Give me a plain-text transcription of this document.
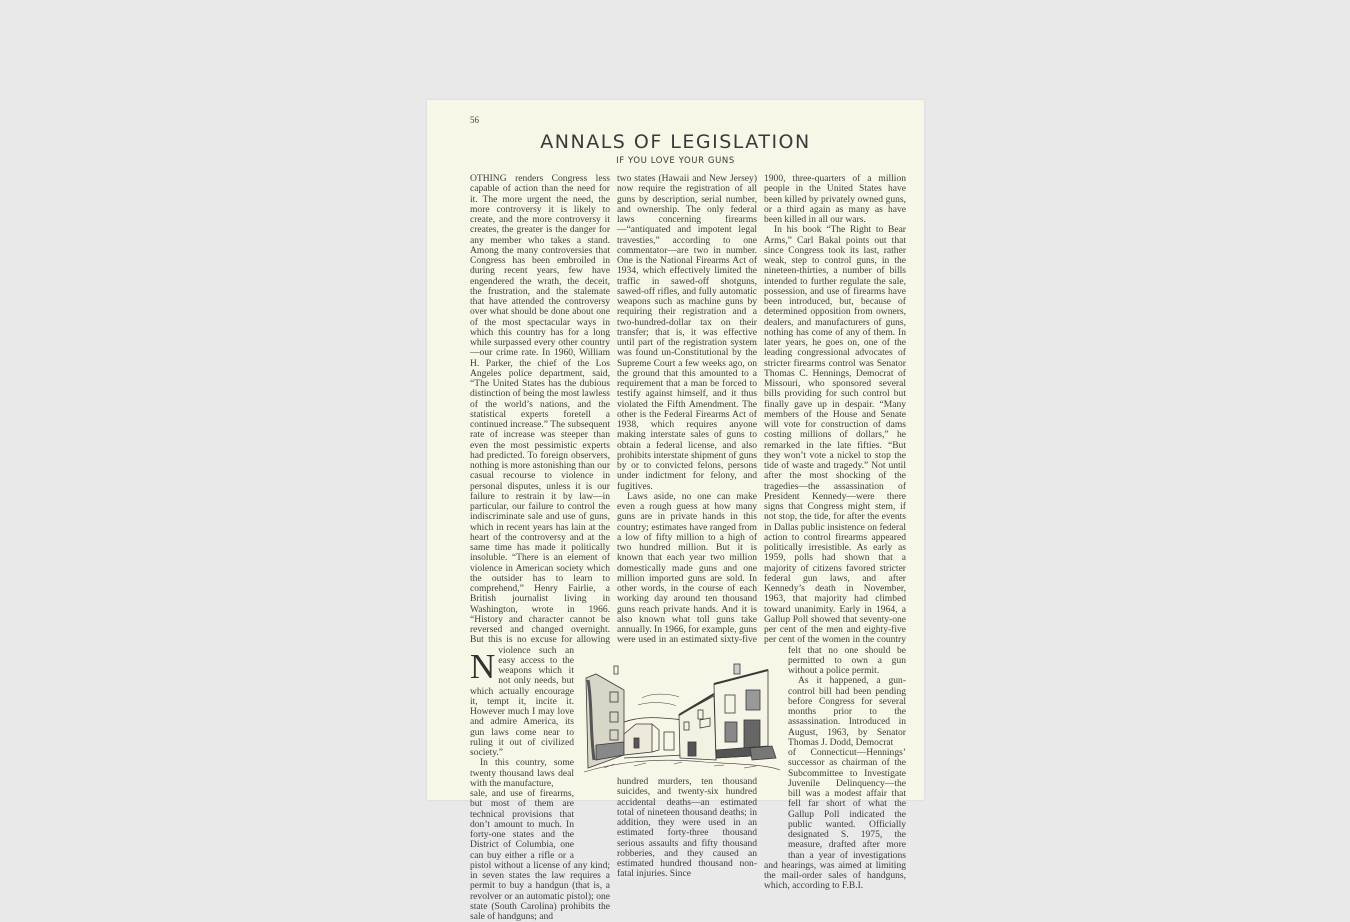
56
ANNALS OF LEGISLATION
IF YOU LOVE YOUR GUNS

N
OTHING renders Congress less capable of action than the need for it. The more urgent the need, the more controversy it is likely to create, and the more controversy it creates, the greater is the danger for any member who takes a stand. Among the many controversies that Congress has been embroiled in during recent years, few have engendered the wrath, the deceit, the frustration, and the stalemate that have attended the controversy over what should be done about one of the most spectacular ways in which this country has for a long while surpassed every other country—our crime rate. In 1960, William H. Parker, the chief of the Los Angeles police department, said, “The United States has the dubious distinction of being the most lawless of the world’s nations, and the statistical experts foretell a continued increase.” The subsequent rate of increase was steeper than even the most pessimistic experts had predicted. To foreign observers, nothing is more astonishing than our casual recourse to violence in personal disputes, unless it is our failure to restrain it by law—in particular, our failure to control the indiscriminate sale and use of guns, which in recent years has lain at the heart of the controversy and at the same time has made it politically insoluble. “There is an element of violence in American society which the outsider has to learn to comprehend,” Henry Fairlie, a British journalist living in Washington, wrote in 1966. “History and character cannot be reversed and changed overnight. But this is no excuse for allowing violence such an easy access to the weapons which it not only needs, but which actually encourage it, tempt it, incite it. However much I may love and admire America, its gun laws come near to ruling it out of civilized society.”

In this country, some twenty thousand laws deal with the manufacture,

sale, and use of firearms, but most of them are technical provisions that don’t amount to much. In forty-one states and the District of Columbia, one can buy either a rifle or a pistol without a license of any kind; in seven states the law requires a permit to buy a handgun (that is, a revolver or an automatic pistol); one state (South Carolina) prohibits the sale of handguns; and

two states (Hawaii and New Jersey) now require the registration of all guns by description, serial number, and ownership. The only federal laws concerning firearms—“antiquated and impotent legal travesties,” according to one commentator—are two in number. One is the National Firearms Act of 1934, which effectively limited the traffic in sawed-off shotguns, sawed-off rifles, and fully automatic weapons such as machine guns by requiring their registration and a two-hundred-dollar tax on their transfer; that is, it was effective until part of the registration system was found un-Constitutional by the Supreme Court a few weeks ago, on the ground that this amounted to a requirement that a man be forced to testify against himself, and it thus violated the Fifth Amendment. The other is the Federal Firearms Act of 1938, which requires anyone making interstate sales of guns to obtain a federal license, and also prohibits interstate shipment of guns by or to convicted felons, persons under indictment for felony, and fugitives.

Laws aside, no one can make even a rough guess at how many guns are in private hands in this country; estimates have ranged from a low of fifty million to a high of two hundred million. But it is known that each year two million domestically made guns and one million imported guns are sold. In other words, in the course of each working day around ten thousand guns reach private hands. And it is also known what toll guns take annually. In 1966, for example, guns were used in an estimated sixty-five hundred murders, ten thousand suicides, and twenty-six hundred accidental deaths—an estimated total of nineteen thousand deaths; in addition, they were used in an estimated forty-three thousand serious assaults and fifty thousand robberies, and they caused an estimated hundred thousand non-fatal injuries. Since

1900, three-quarters of a million people in the United States have been killed by privately owned guns, or a third again as many as have been killed in all our wars.

In his book “The Right to Bear Arms,” Carl Bakal points out that since Congress took its last, rather weak, step to control guns, in the nineteen-thirties, a number of bills intended to further regulate the sale, possession, and use of firearms have been introduced, but, because of determined opposition from owners, dealers, and manufacturers of guns, nothing has come of any of them. In later years, he goes on, one of the leading congressional advocates of stricter firearms control was Senator Thomas C. Hennings, Democrat of Missouri, who sponsored several bills providing for such control but finally gave up in despair. “Many members of the House and Senate will vote for construction of dams costing millions of dollars,” he remarked in the late fifties. “But they won’t vote a nickel to stop the tide of waste and tragedy.” Not until after the most shocking of the tragedies—the assassination of President Kennedy—were there signs that Congress might stem, if not stop, the tide, for after the events in Dallas public insistence on federal action to control firearms appeared politically irresistible. As early as 1959, polls had shown that a majority of citizens favored stricter federal gun laws, and after Kennedy’s death in November, 1963, that majority had climbed toward unanimity. Early in 1964, a Gallup Poll showed that seventy-one per cent of the men and eighty-five per cent of the women in the country felt that no one should be permitted to own a gun without a police permit.

As it happened, a gun-control bill had been pending before Congress for several months prior to the assassination. Introduced in August, 1963, by Senator Thomas J. Dodd, Democrat

of Connecticut—Hennings’ successor as chairman of the Subcommittee to Investigate Juvenile Delinquency—the bill was a modest affair that fell far short of what the Gallup Poll indicated the public wanted. Officially designated S. 1975, the measure, drafted after more than a year of investigations and hearings, was aimed at limiting the mail-order sales of handguns, which, according to F.B.I.
